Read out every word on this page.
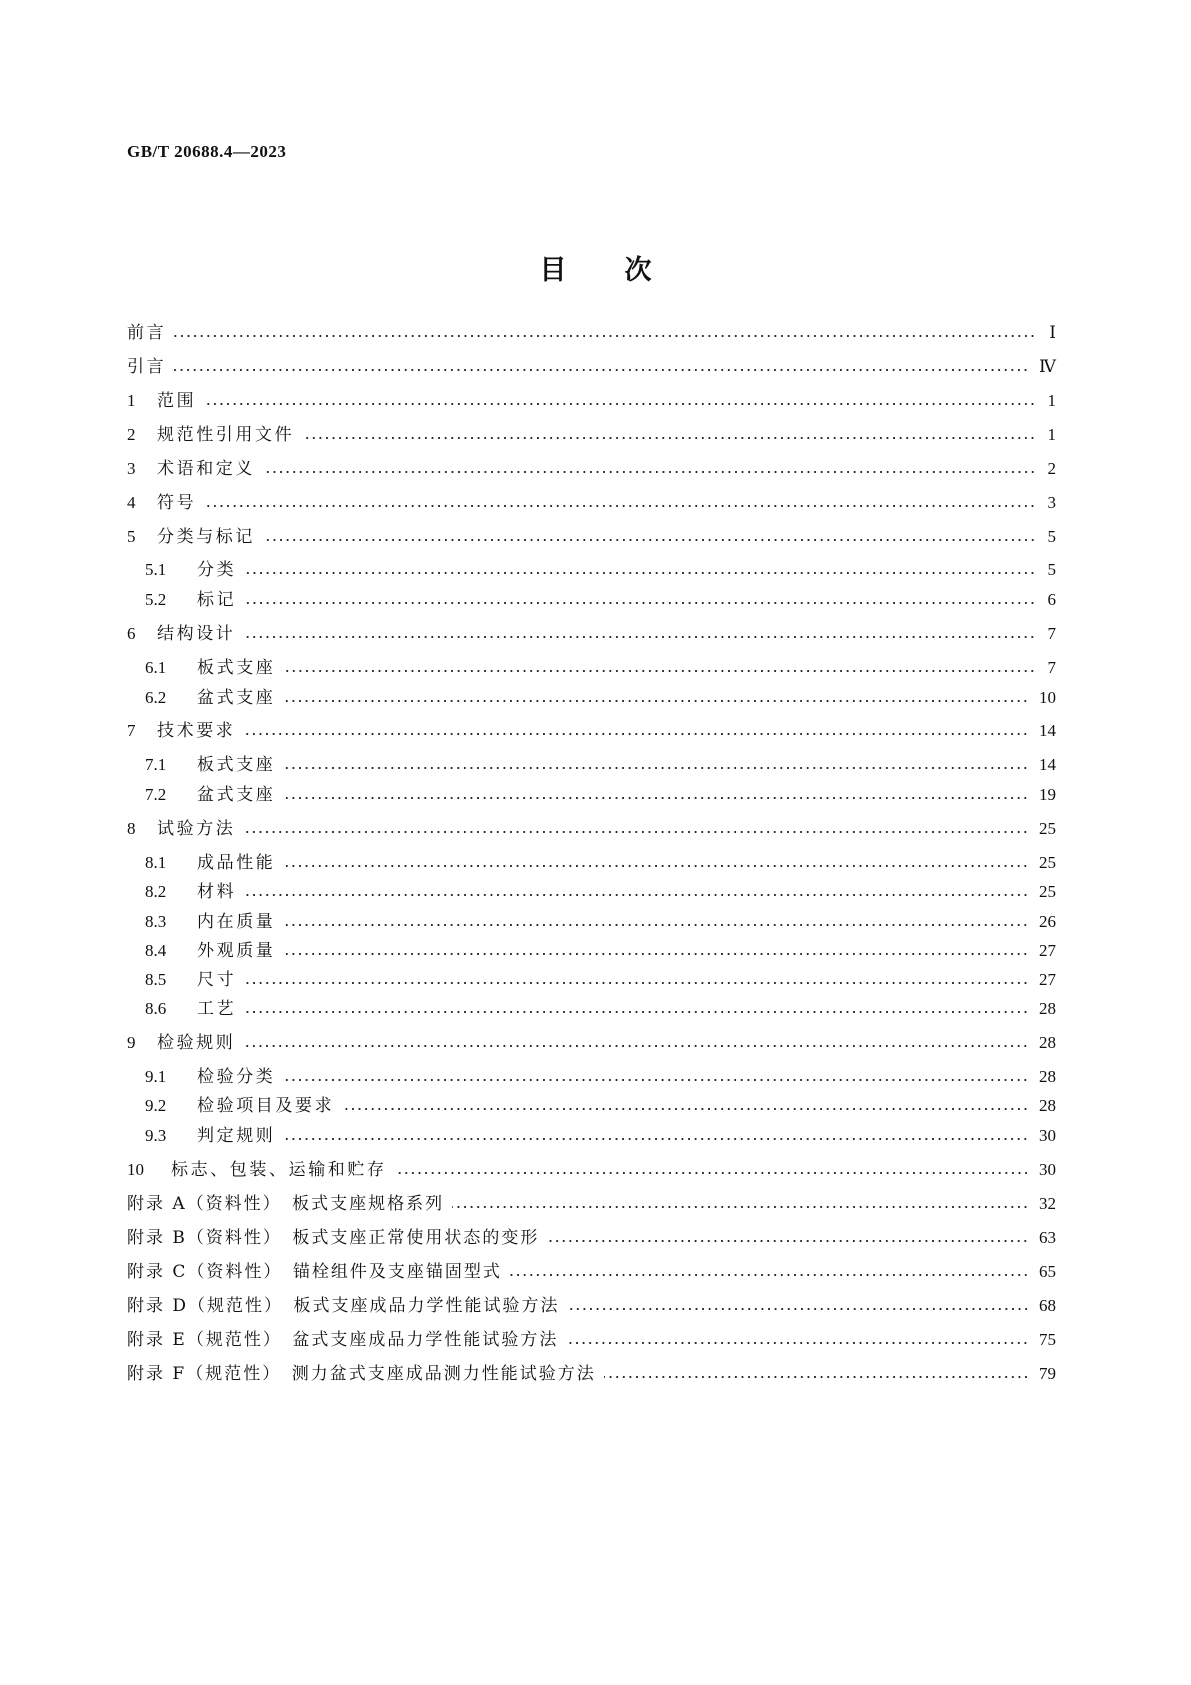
GB/T 20688.4—2023
目次
前言	Ⅰ
引言	Ⅳ
1	范围	1
2	规范性引用文件	1
3	术语和定义	2
4	符号	3
5	分类与标记	5
5.1	分类	5
5.2	标记	6
6	结构设计	7
6.1	板式支座	7
6.2	盆式支座	10
7	技术要求	14
7.1	板式支座	14
7.2	盆式支座	19
8	试验方法	25
8.1	成品性能	25
8.2	材料	25
8.3	内在质量	26
8.4	外观质量	27
8.5	尺寸	27
8.6	工艺	28
9	检验规则	28
9.1	检验分类	28
9.2	检验项目及要求	28
9.3	判定规则	30
10	标志、包装、运输和贮存	30
附录 A（资料性）　板式支座规格系列	32
附录 B（资料性）　板式支座正常使用状态的变形	63
附录 C（资料性）　锚栓组件及支座锚固型式	65
附录 D（规范性）　板式支座成品力学性能试验方法	68
附录 E（规范性）　盆式支座成品力学性能试验方法	75
附录 F（规范性）　测力盆式支座成品测力性能试验方法	79
